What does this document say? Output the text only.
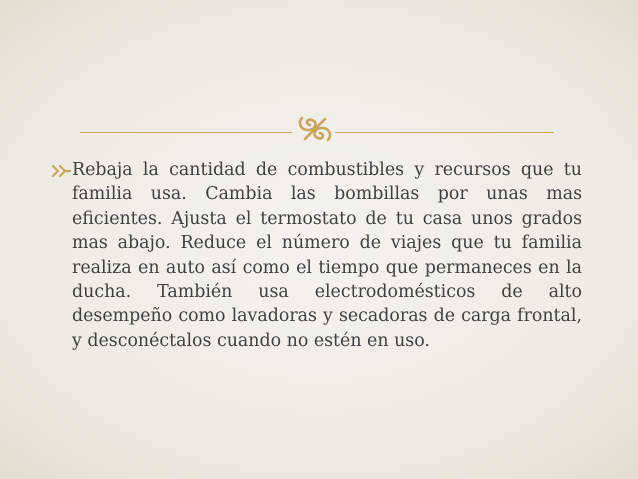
Rebaja la cantidad de combustibles y recursos que tu familia usa. Cambia las bombillas por unas mas eficientes. Ajusta el termostato de tu casa unos grados mas abajo. Reduce el número de viajes que tu familia realiza en auto así como el tiempo que permaneces en la ducha. También usa electrodomésticos de alto desempeño como lavadoras y secadoras de carga frontal, y desconéctalos cuando no estén en uso.
